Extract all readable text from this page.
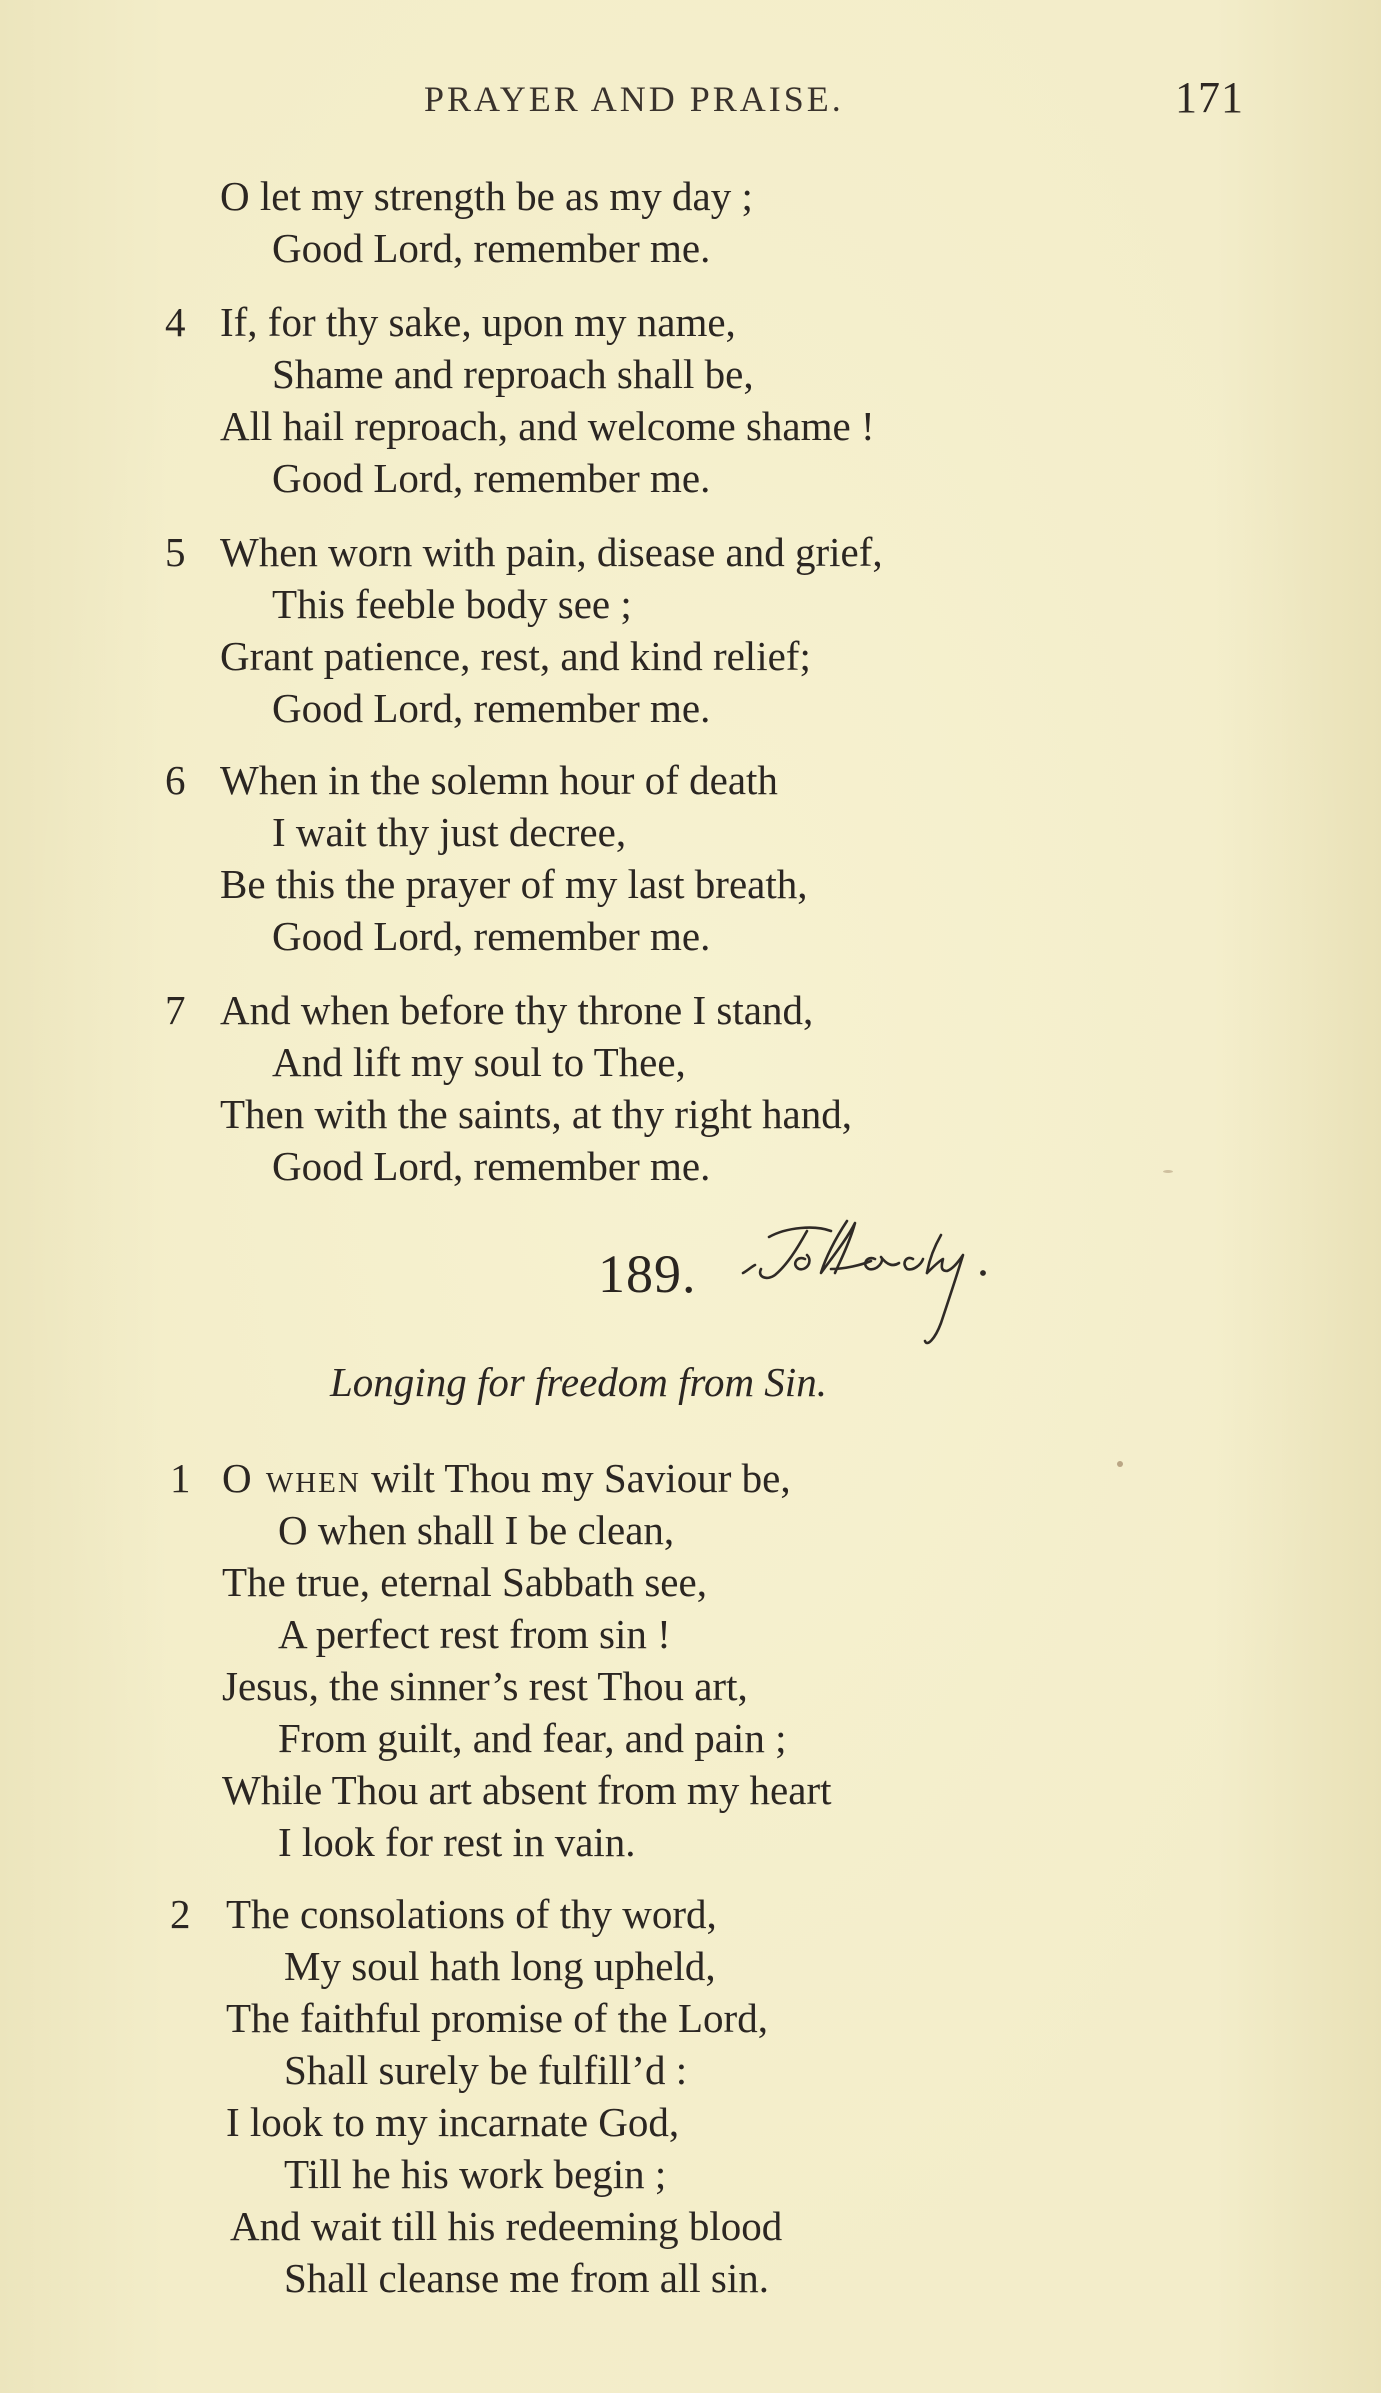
PRAYER AND PRAISE.	171
O let my strength be as my day ;
Good Lord, remember me.
4 If, for thy sake, upon my name,
Shame and reproach shall be,
All hail reproach, and welcome shame !
Good Lord, remember me.
5 When worn with pain, disease and grief,
This feeble body see ;
Grant patience, rest, and kind relief;
Good Lord, remember me.
6 When in the solemn hour of death
I wait thy just decree,
Be this the prayer of my last breath,
Good Lord, remember me.
7 And when before thy throne I stand,
And lift my soul to Thee,
Then with the saints, at thy right hand,
Good Lord, remember me.
189.
Longing for freedom from Sin.
1 O when wilt Thou my Saviour be,
O when shall I be clean,
The true, eternal Sabbath see,
A perfect rest from sin !
Jesus, the sinner’s rest Thou art,
From guilt, and fear, and pain ;
While Thou art absent from my heart
I look for rest in vain.
2 The consolations of thy word,
My soul hath long upheld,
The faithful promise of the Lord,
Shall surely be fulfill’d :
I look to my incarnate God,
Till he his work begin ;
And wait till his redeeming blood
Shall cleanse me from all sin.
